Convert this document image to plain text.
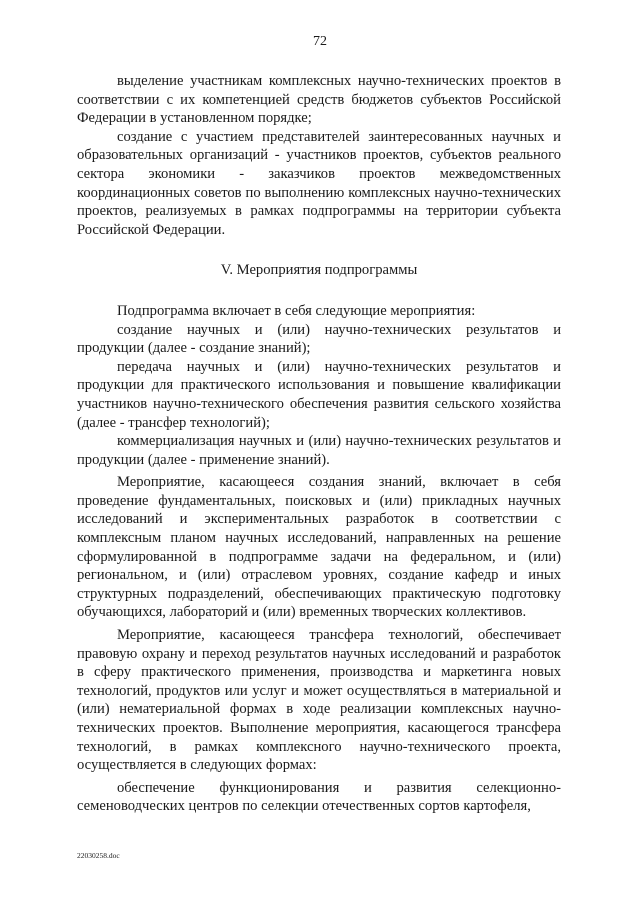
72

выделение участникам комплексных научно-технических проектов в соответствии с их компетенцией средств бюджетов субъектов Российской Федерации в установленном порядке;

создание с участием представителей заинтересованных научных и образовательных организаций - участников проектов, субъектов реального сектора экономики - заказчиков проектов межведомственных координационных советов по выполнению комплексных научно-технических проектов, реализуемых в рамках подпрограммы на территории субъекта Российской Федерации.

V. Мероприятия подпрограммы

Подпрограмма включает в себя следующие мероприятия:

создание научных и (или) научно-технических результатов и продукции (далее - создание знаний);

передача научных и (или) научно-технических результатов и продукции для практического использования и повышение квалификации участников научно-технического обеспечения развития сельского хозяйства (далее - трансфер технологий);

коммерциализация научных и (или) научно-технических результатов и продукции (далее - применение знаний).

Мероприятие, касающееся создания знаний, включает в себя проведение фундаментальных, поисковых и (или) прикладных научных исследований и экспериментальных разработок в соответствии с комплексным планом научных исследований, направленных на решение сформулированной в подпрограмме задачи на федеральном, и (или) региональном, и (или) отраслевом уровнях, создание кафедр и иных структурных подразделений, обеспечивающих практическую подготовку обучающихся, лабораторий и (или) временных творческих коллективов.

Мероприятие, касающееся трансфера технологий, обеспечивает правовую охрану и переход результатов научных исследований и разработок в сферу практического применения, производства и маркетинга новых технологий, продуктов или услуг и может осуществляться в материальной и (или) нематериальной формах в ходе реализации комплексных научно-технических проектов. Выполнение мероприятия, касающегося трансфера технологий, в рамках комплексного научно-технического проекта, осуществляется в следующих формах:

обеспечение функционирования и развития селекционно-семеноводческих центров по селекции отечественных сортов картофеля,

22030258.doc
